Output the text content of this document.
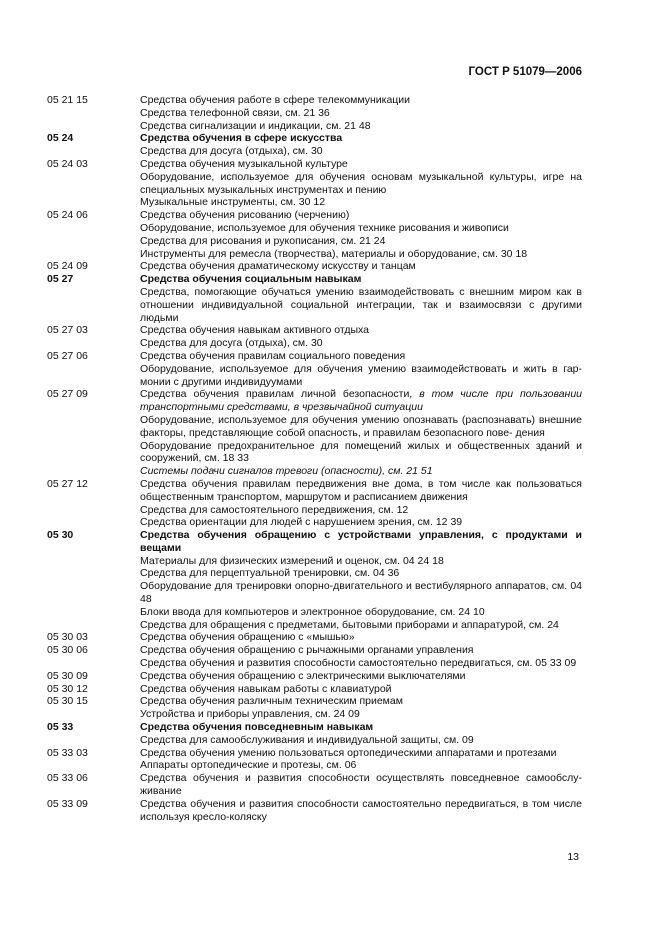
ГОСТ Р 51079—2006
05 21 15	Средства обучения работе в сфере телекоммуникации
Средства телефонной связи, см. 21 36
Средства сигнализации и индикации, см. 21 48
05 24	Средства обучения в сфере искусства
Средства для досуга (отдыха), см. 30
05 24 03	Средства обучения музыкальной культуре
Оборудование, используемое для обучения основам музыкальной культуры, игре на специальных музыкальных инструментах и пению
Музыкальные инструменты, см. 30 12
05 24 06	Средства обучения рисованию (черчению)
Оборудование, используемое для обучения технике рисования и живописи
Средства для рисования и рукописания, см. 21 24
Инструменты для ремесла (творчества), материалы и оборудование, см. 30 18
05 24 09	Средства обучения драматическому искусству и танцам
05 27	Средства обучения социальным навыкам
Средства, помогающие обучаться умению взаимодействовать с внешним миром как в отношении индивидуальной социальной интеграции, так и взаимосвязи с другими людьми
05 27 03	Средства обучения навыкам активного отдыха
Средства для досуга (отдыха), см. 30
05 27 06	Средства обучения правилам социального поведения
Оборудование, используемое для обучения умению взаимодействовать и жить в гар- монии с другими индивидуумами
05 27 09	Средства обучения правилам личной безопасности, в том числе при пользовании транспортными средствами, в чрезвычайной ситуации
Оборудование, используемое для обучения умению опознавать (распознавать) внешние факторы, представляющие собой опасность, и правилам безопасного пове- дения
Оборудование предохранительное для помещений жилых и общественных зданий и сооружений, см. 18 33
Системы подачи сигналов тревоги (опасности), см. 21 51
05 27 12	Средства обучения правилам передвижения вне дома, в том числе как пользоваться общественным транспортом, маршрутом и расписанием движения
Средства для самостоятельного передвижения, см. 12
Средства ориентации для людей с нарушением зрения, см. 12 39
05 30	Средства обучения обращению с устройствами управления, с продуктами и вещами
Материалы для физических измерений и оценок, см. 04 24 18
Средства для перцептуальной тренировки, см. 04 36
Оборудование для тренировки опорно-двигательного и вестибулярного аппаратов, см. 04 48
Блоки ввода для компьютеров и электронное оборудование, см. 24 10
Средства для обращения с предметами, бытовыми приборами и аппаратурой, см. 24
05 30 03	Средства обучения обращению с «мышью»
05 30 06	Средства обучения обращению с рычажными органами управления
Средства обучения и развития способности самостоятельно передвигаться, см. 05 33 09
05 30 09	Средства обучения обращению с электрическими выключателями
05 30 12	Средства обучения навыкам работы с клавиатурой
05 30 15	Средства обучения различным техническим приемам
Устройства и приборы управления, см. 24 09
05 33	Средства обучения повседневным навыкам
Средства для самообслуживания и индивидуальной защиты, см. 09
05 33 03	Средства обучения умению пользоваться ортопедическими аппаратами и протезами
Аппараты ортопедические и протезы, см. 06
05 33 06	Средства обучения и развития способности осуществлять повседневное самообслу- живание
05 33 09	Средства обучения и развития способности самостоятельно передвигаться, в том числе используя кресло-коляску
13
